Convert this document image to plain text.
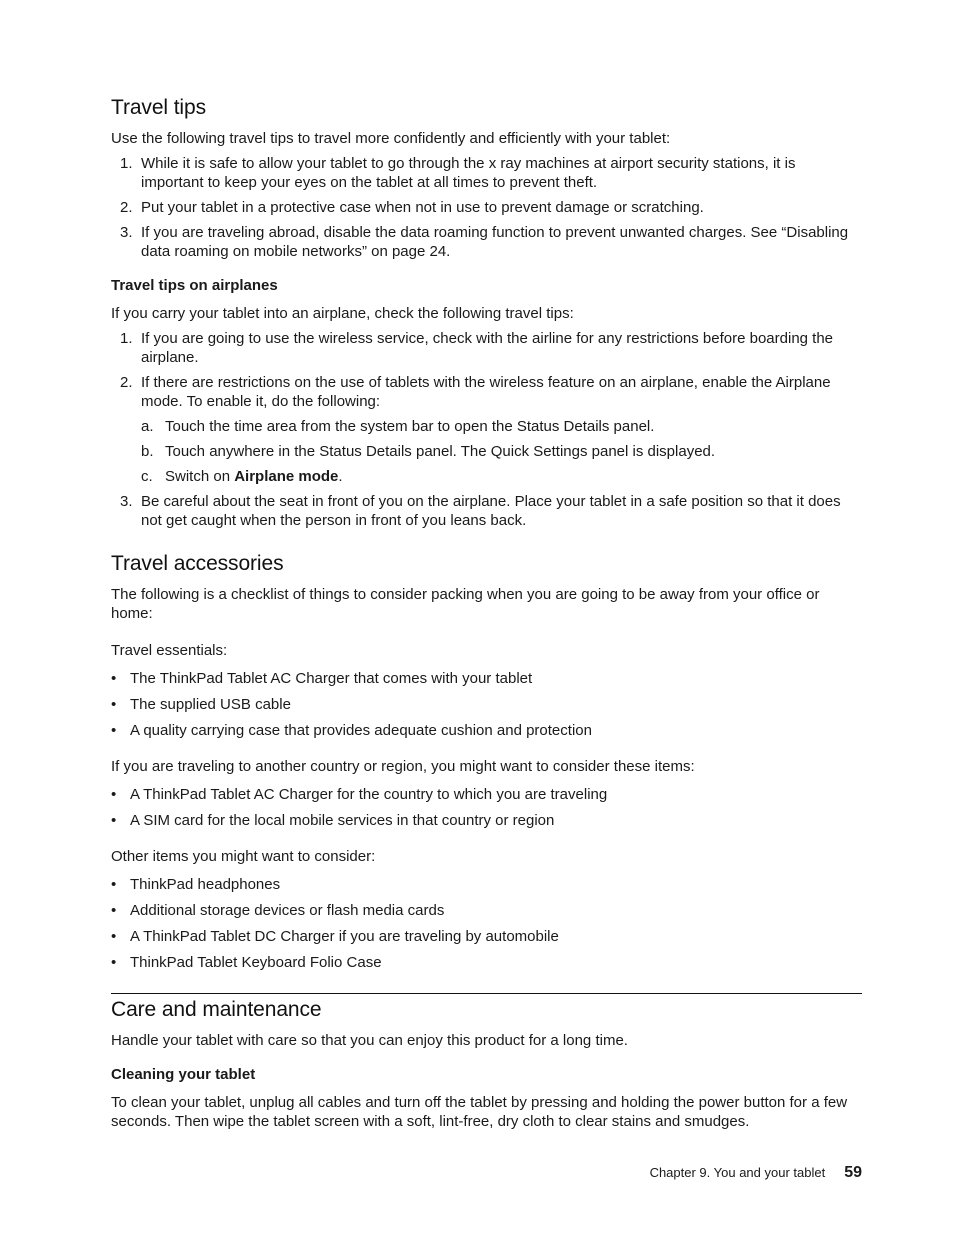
Travel tips

Use the following travel tips to travel more confidently and efficiently with your tablet:

1. While it is safe to allow your tablet to go through the x ray machines at airport security stations, it is important to keep your eyes on the tablet at all times to prevent theft.
2. Put your tablet in a protective case when not in use to prevent damage or scratching.
3. If you are traveling abroad, disable the data roaming function to prevent unwanted charges. See “Disabling data roaming on mobile networks” on page 24.
Travel tips on airplanes

If you carry your tablet into an airplane, check the following travel tips:

1. If you are going to use the wireless service, check with the airline for any restrictions before boarding the airplane.
2. If there are restrictions on the use of tablets with the wireless feature on an airplane, enable the Airplane mode. To enable it, do the following:
a. Touch the time area from the system bar to open the Status Details panel.
b. Touch anywhere in the Status Details panel. The Quick Settings panel is displayed.
c. Switch on Airplane mode.
3. Be careful about the seat in front of you on the airplane. Place your tablet in a safe position so that it does not get caught when the person in front of you leans back.
Travel accessories

The following is a checklist of things to consider packing when you are going to be away from your office or home:

Travel essentials:

• The ThinkPad Tablet AC Charger that comes with your tablet
• The supplied USB cable
• A quality carrying case that provides adequate cushion and protection

If you are traveling to another country or region, you might want to consider these items:

• A ThinkPad Tablet AC Charger for the country to which you are traveling
• A SIM card for the local mobile services in that country or region

Other items you might want to consider:

• ThinkPad headphones
• Additional storage devices or flash media cards
• A ThinkPad Tablet DC Charger if you are traveling by automobile
• ThinkPad Tablet Keyboard Folio Case
Care and maintenance

Handle your tablet with care so that you can enjoy this product for a long time.

Cleaning your tablet

To clean your tablet, unplug all cables and turn off the tablet by pressing and holding the power button for a few seconds. Then wipe the tablet screen with a soft, lint-free, dry cloth to clear stains and smudges.

Chapter 9. You and your tablet 59
